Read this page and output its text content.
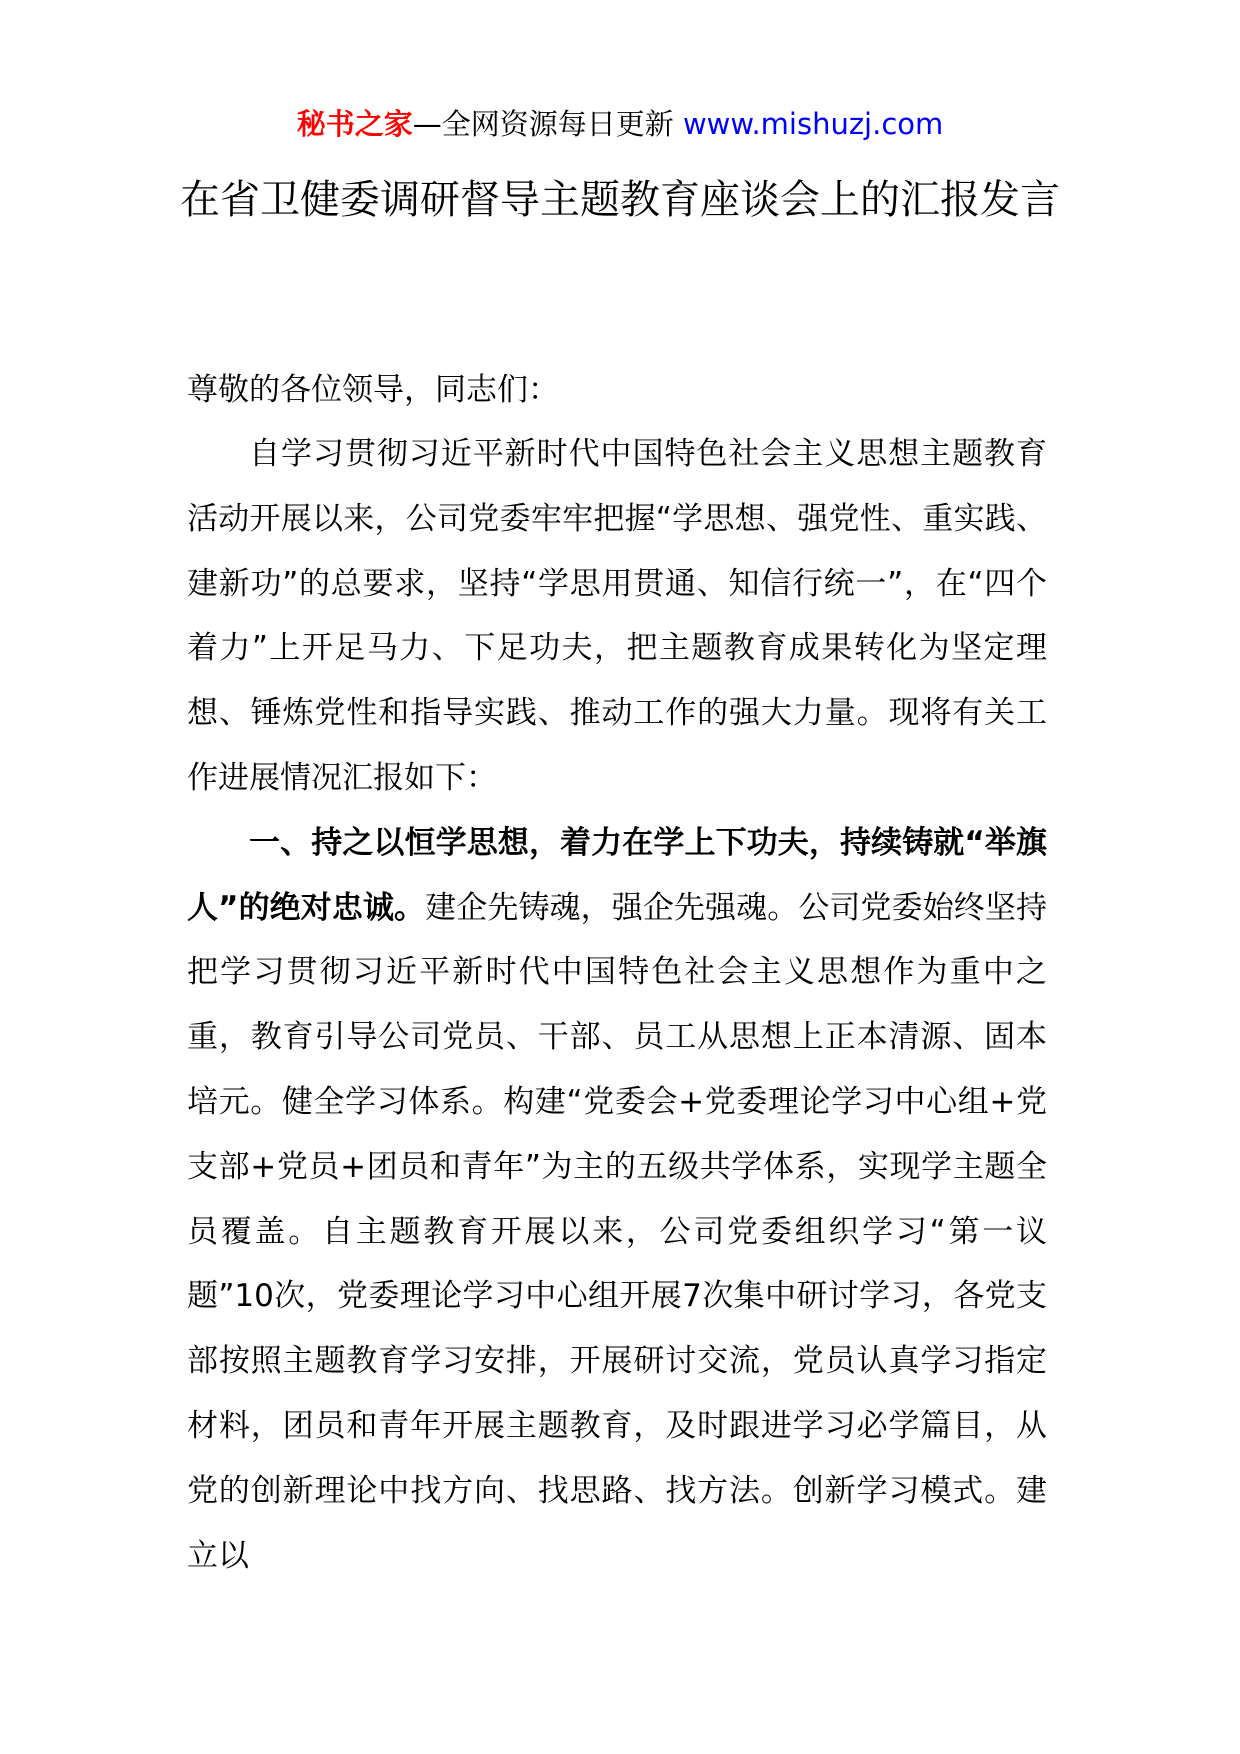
秘书之家—全网资源每日更新 www.mishuzj.com
在省卫健委调研督导主题教育座谈会上的汇报发言
尊敬的各位领导，同志们：

自学习贯彻习近平新时代中国特色社会主义思想主题教育活动开展以来，公司党委牢牢把握“学思想、强党性、重实践、建新功”的总要求，坚持“学思用贯通、知信行统一”，在“四个着力”上开足马力、下足功夫，把主题教育成果转化为坚定理想、锤炼党性和指导实践、推动工作的强大力量。现将有关工作进展情况汇报如下：

一、持之以恒学思想，着力在学上下功夫，持续铸就“举旗人”的绝对忠诚。建企先铸魂，强企先强魂。公司党委始终坚持把学习贯彻习近平新时代中国特色社会主义思想作为重中之重，教育引导公司党员、干部、员工从思想上正本清源、固本培元。健全学习体系。构建“党委会+党委理论学习中心组+党支部+党员+团员和青年”为主的五级共学体系，实现学主题全员覆盖。自主题教育开展以来，公司党委组织学习“第一议题”10次，党委理论学习中心组开展7次集中研讨学习，各党支部按照主题教育学习安排，开展研讨交流，党员认真学习指定材料，团员和青年开展主题教育，及时跟进学习必学篇目，从党的创新理论中找方向、找思路、找方法。创新学习模式。建立以
